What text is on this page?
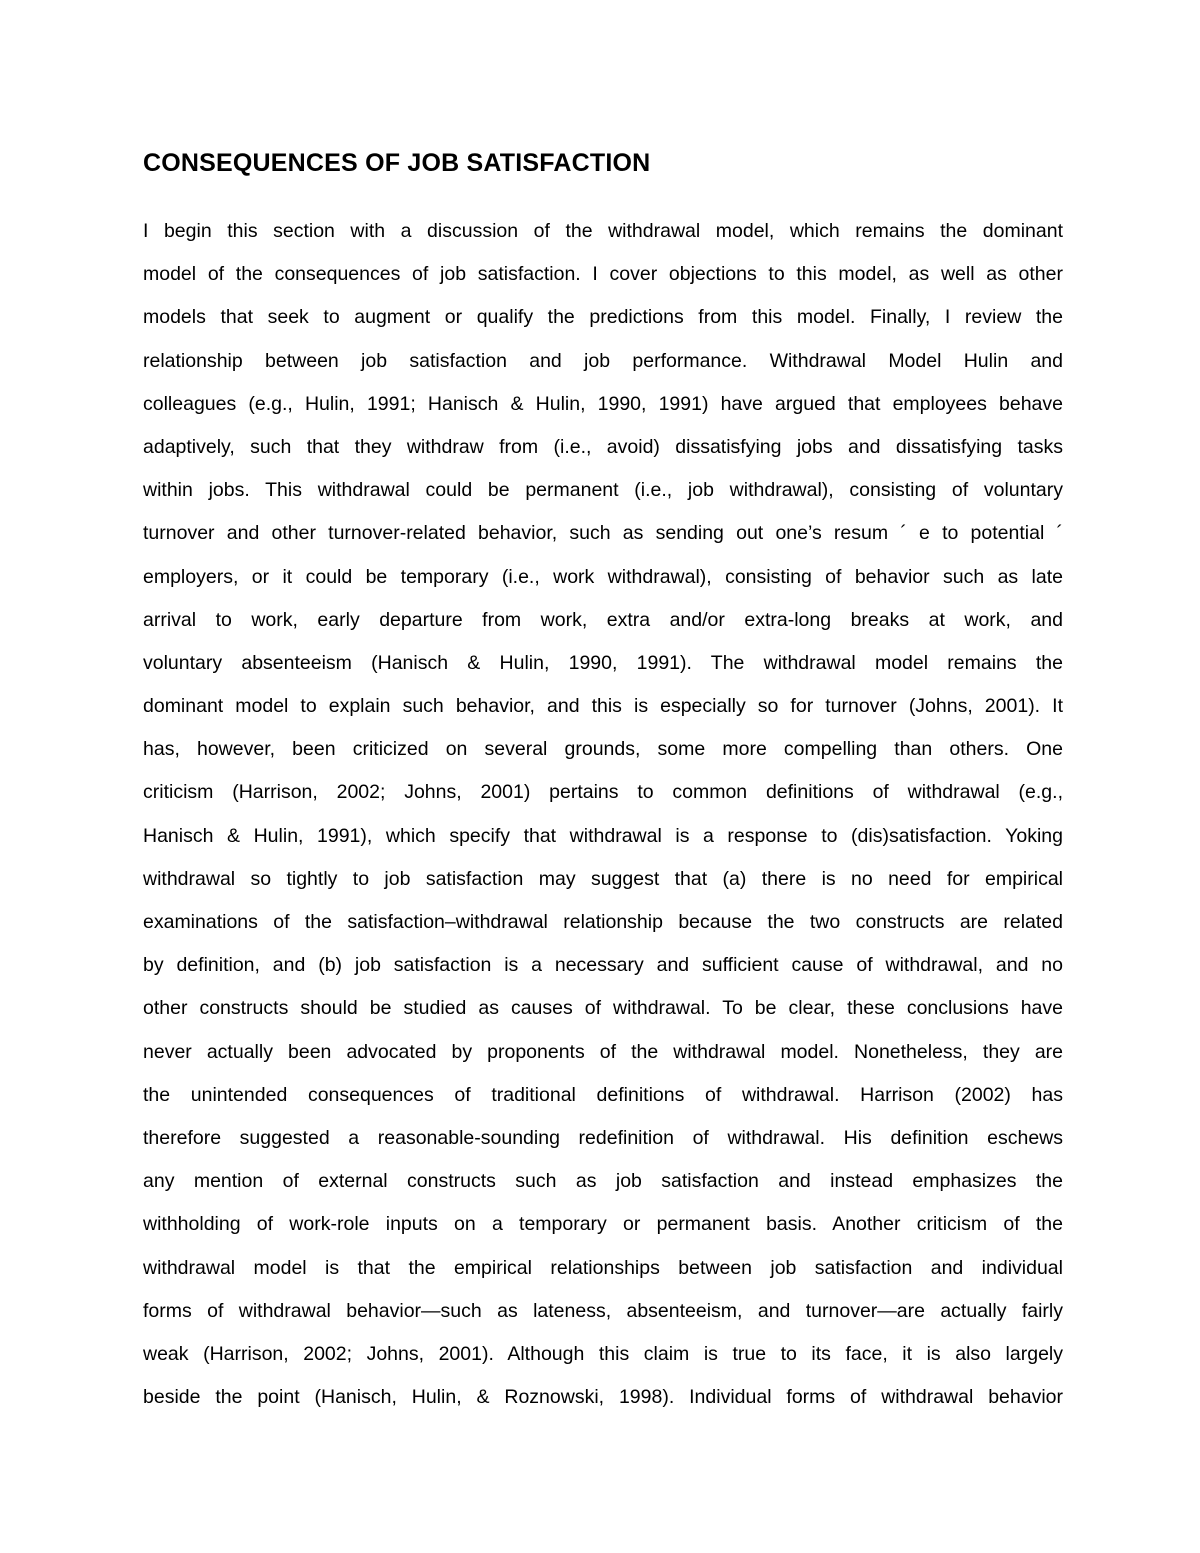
CONSEQUENCES OF JOB SATISFACTION
I begin this section with a discussion of the withdrawal model, which remains the dominant
model of the consequences of job satisfaction. I cover objections to this model, as well as other
models that seek to augment or qualify the predictions from this model. Finally, I review the
relationship between job satisfaction and job performance. Withdrawal Model Hulin and
colleagues (e.g., Hulin, 1991; Hanisch & Hulin, 1990, 1991) have argued that employees behave
adaptively, such that they withdraw from (i.e., avoid) dissatisfying jobs and dissatisfying tasks
within jobs. This withdrawal could be permanent (i.e., job withdrawal), consisting of voluntary
turnover and other turnover-related behavior, such as sending out one’s resum ´ e to potential ´
employers, or it could be temporary (i.e., work withdrawal), consisting of behavior such as late
arrival to work, early departure from work, extra and/or extra-long breaks at work, and
voluntary absenteeism (Hanisch & Hulin, 1990, 1991). The withdrawal model remains the
dominant model to explain such behavior, and this is especially so for turnover (Johns, 2001). It
has, however, been criticized on several grounds, some more compelling than others. One
criticism (Harrison, 2002; Johns, 2001) pertains to common definitions of withdrawal (e.g.,
Hanisch & Hulin, 1991), which specify that withdrawal is a response to (dis)satisfaction. Yoking
withdrawal so tightly to job satisfaction may suggest that (a) there is no need for empirical
examinations of the satisfaction–withdrawal relationship because the two constructs are related
by definition, and (b) job satisfaction is a necessary and sufficient cause of withdrawal, and no
other constructs should be studied as causes of withdrawal. To be clear, these conclusions have
never actually been advocated by proponents of the withdrawal model. Nonetheless, they are
the unintended consequences of traditional definitions of withdrawal. Harrison (2002) has
therefore suggested a reasonable-sounding redefinition of withdrawal. His definition eschews
any mention of external constructs such as job satisfaction and instead emphasizes the
withholding of work-role inputs on a temporary or permanent basis. Another criticism of the
withdrawal model is that the empirical relationships between job satisfaction and individual
forms of withdrawal behavior—such as lateness, absenteeism, and turnover—are actually fairly
weak (Harrison, 2002; Johns, 2001). Although this claim is true to its face, it is also largely
beside the point (Hanisch, Hulin, & Roznowski, 1998). Individual forms of withdrawal behavior
